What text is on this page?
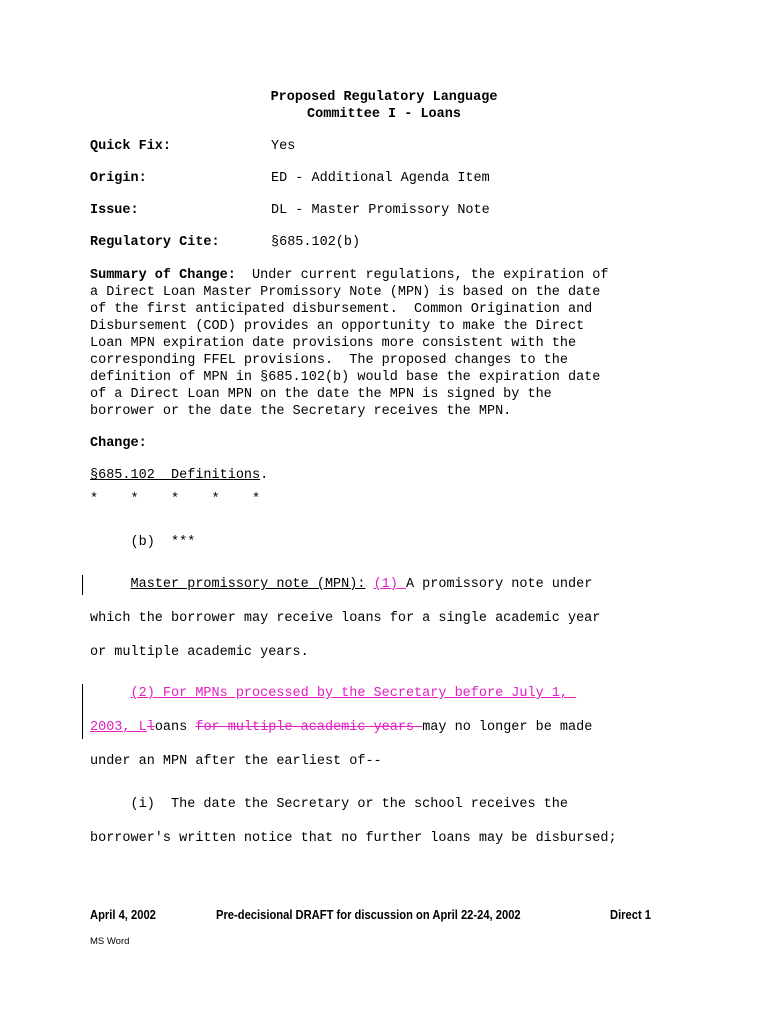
Proposed Regulatory Language
Committee I - Loans
Quick Fix:	Yes
Origin:	ED - Additional Agenda Item
Issue:	DL - Master Promissory Note
Regulatory Cite:	§685.102(b)
Summary of Change:  Under current regulations, the expiration of
a Direct Loan Master Promissory Note (MPN) is based on the date
of the first anticipated disbursement.  Common Origination and
Disbursement (COD) provides an opportunity to make the Direct
Loan MPN expiration date provisions more consistent with the
corresponding FFEL provisions.  The proposed changes to the
definition of MPN in §685.102(b) would base the expiration date
of a Direct Loan MPN on the date the MPN is signed by the
borrower or the date the Secretary receives the MPN.
Change:
§685.102  Definitions.
*    *    *    *    *
(b)  ***
Master promissory note (MPN): (1) A promissory note under
which the borrower may receive loans for a single academic year
or multiple academic years.
(2) For MPNs processed by the Secretary before July 1,
2003, Lloans for multiple academic years may no longer be made
under an MPN after the earliest of--
(i)  The date the Secretary or the school receives the
borrower's written notice that no further loans may be disbursed;
April 4, 2002	Pre-decisional DRAFT for discussion on April 22-24, 2002	Direct 1
MS Word
